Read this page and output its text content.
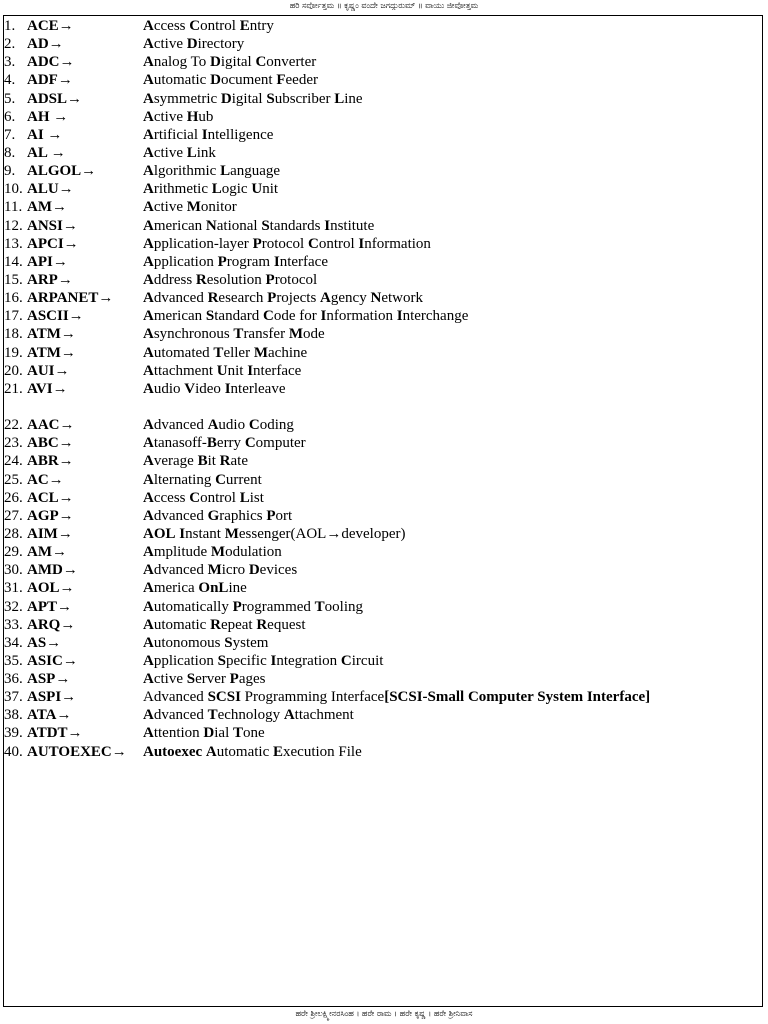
ಹರಿ ಸರ್ವೋತ್ತಮ ॥ ಕೃಷ್ಣಂ ವಂದೇ ಜಗದ್ಗುರುಮ್ ॥ ವಾಯು ಜೀವೋತ್ತಮ
1. ACE→	Access Control Entry
2. AD→	Active Directory
3. ADC→	Analog To Digital Converter
4. ADF→	Automatic Document Feeder
5. ADSL→	Asymmetric Digital Subscriber Line
6. AH →	Active Hub
7. AI →	Artificial Intelligence
8. AL →	Active Link
9. ALGOL→	Algorithmic Language
10. ALU→	Arithmetic Logic Unit
11. AM→	Active Monitor
12. ANSI→	American National Standards Institute
13. APCI→	Application-layer Protocol Control Information
14. API→	Application Program Interface
15. ARP→	Address Resolution Protocol
16. ARPANET→ Advanced Research Projects Agency Network
17. ASCII→	American Standard Code for Information Interchange
18. ATM→	Asynchronous Transfer Mode
19. ATM→	Automated Teller Machine
20. AUI→	Attachment Unit Interface
21. AVI→	Audio Video Interleave
22. AAC→	Advanced Audio Coding
23. ABC→	Atanasoff-Berry Computer
24. ABR→	Average Bit Rate
25. AC→	Alternating Current
26. ACL→	Access Control List
27. AGP→	Advanced Graphics Port
28. AIM→	AOL Instant Messenger(AOL→developer)
29. AM→	Amplitude Modulation
30. AMD→	Advanced Micro Devices
31. AOL→	America OnLine
32. APT→	Automatically Programmed Tooling
33. ARQ→	Automatic Repeat Request
34. AS→	Autonomous System
35. ASIC→	Application Specific Integration Circuit
36. ASP→	Active Server Pages
37. ASPI→	Advanced SCSI Programming Interface[SCSI-Small Computer System Interface]
38. ATA→	Advanced Technology Attachment
39. ATDT→	Attention Dial Tone
40. AUTOEXEC→ Autoexec Automatic Execution File
ಹರೇ ಶ್ರೀಲಕ್ಷ್ಮೀನರಸಿಂಹ । ಹರೇ ರಾಮ । ಹರೇ ಕೃಷ್ಣ । ಹರೇ ಶ್ರೀನಿವಾಸ
